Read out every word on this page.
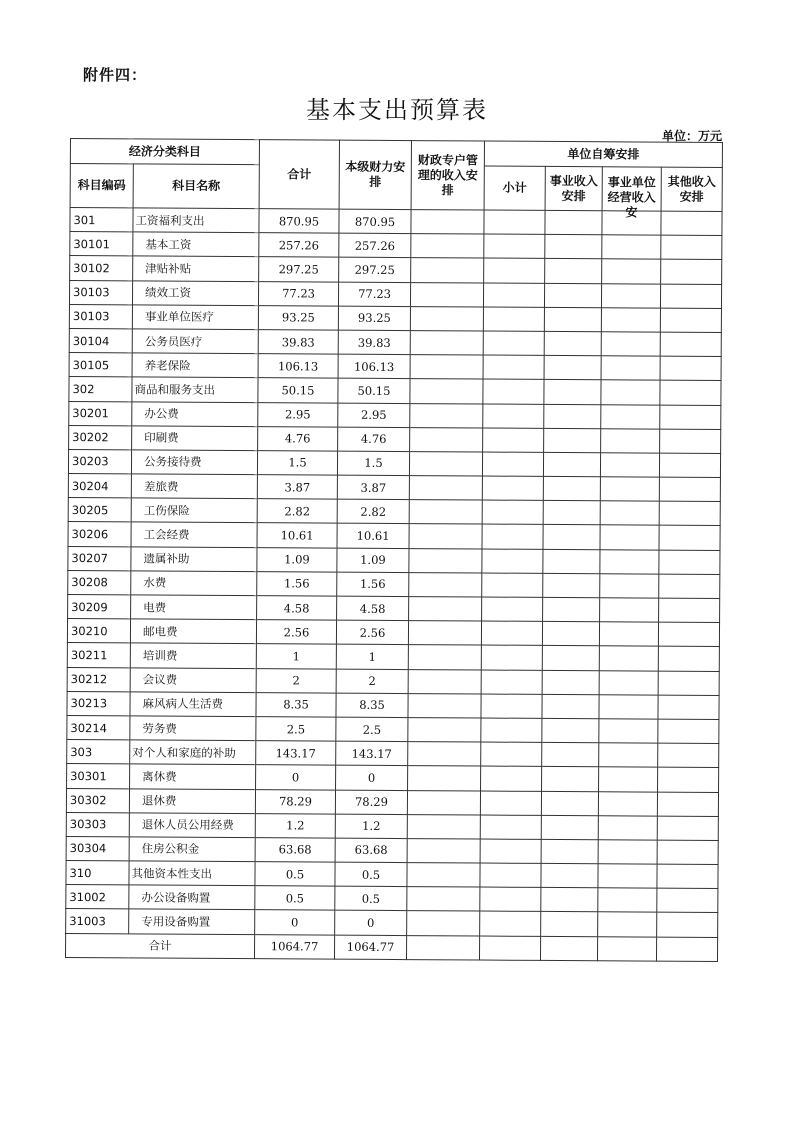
附件四：
基本支出预算表
单位：万元
经济分类科目		合计	本级财力安排	财政专户管理的收入安排	单位自筹安排			
科目编码	科目名称				小计	事业收入安排	事业单位经营收入安	其他收入安排
301	工资福利支出	870.95	870.95					
30101	基本工资	257.26	257.26					
30102	津贴补贴	297.25	297.25					
30103	绩效工资	77.23	77.23					
30103	事业单位医疗	93.25	93.25					
30104	公务员医疗	39.83	39.83					
30105	养老保险	106.13	106.13					
302	商品和服务支出	50.15	50.15					
30201	办公费	2.95	2.95					
30202	印刷费	4.76	4.76					
30203	公务接待费	1.5	1.5					
30204	差旅费	3.87	3.87					
30205	工伤保险	2.82	2.82					
30206	工会经费	10.61	10.61					
30207	遗属补助	1.09	1.09					
30208	水费	1.56	1.56					
30209	电费	4.58	4.58					
30210	邮电费	2.56	2.56					
30211	培训费	1	1					
30212	会议费	2	2					
30213	麻风病人生活费	8.35	8.35					
30214	劳务费	2.5	2.5					
303	对个人和家庭的补助	143.17	143.17					
30301	离休费	0	0					
30302	退休费	78.29	78.29					
30303	退休人员公用经费	1.2	1.2					
30304	住房公积金	63.68	63.68					
310	其他资本性支出	0.5	0.5					
31002	办公设备购置	0.5	0.5					
31003	专用设备购置	0	0					
合计		1064.77	1064.77					
